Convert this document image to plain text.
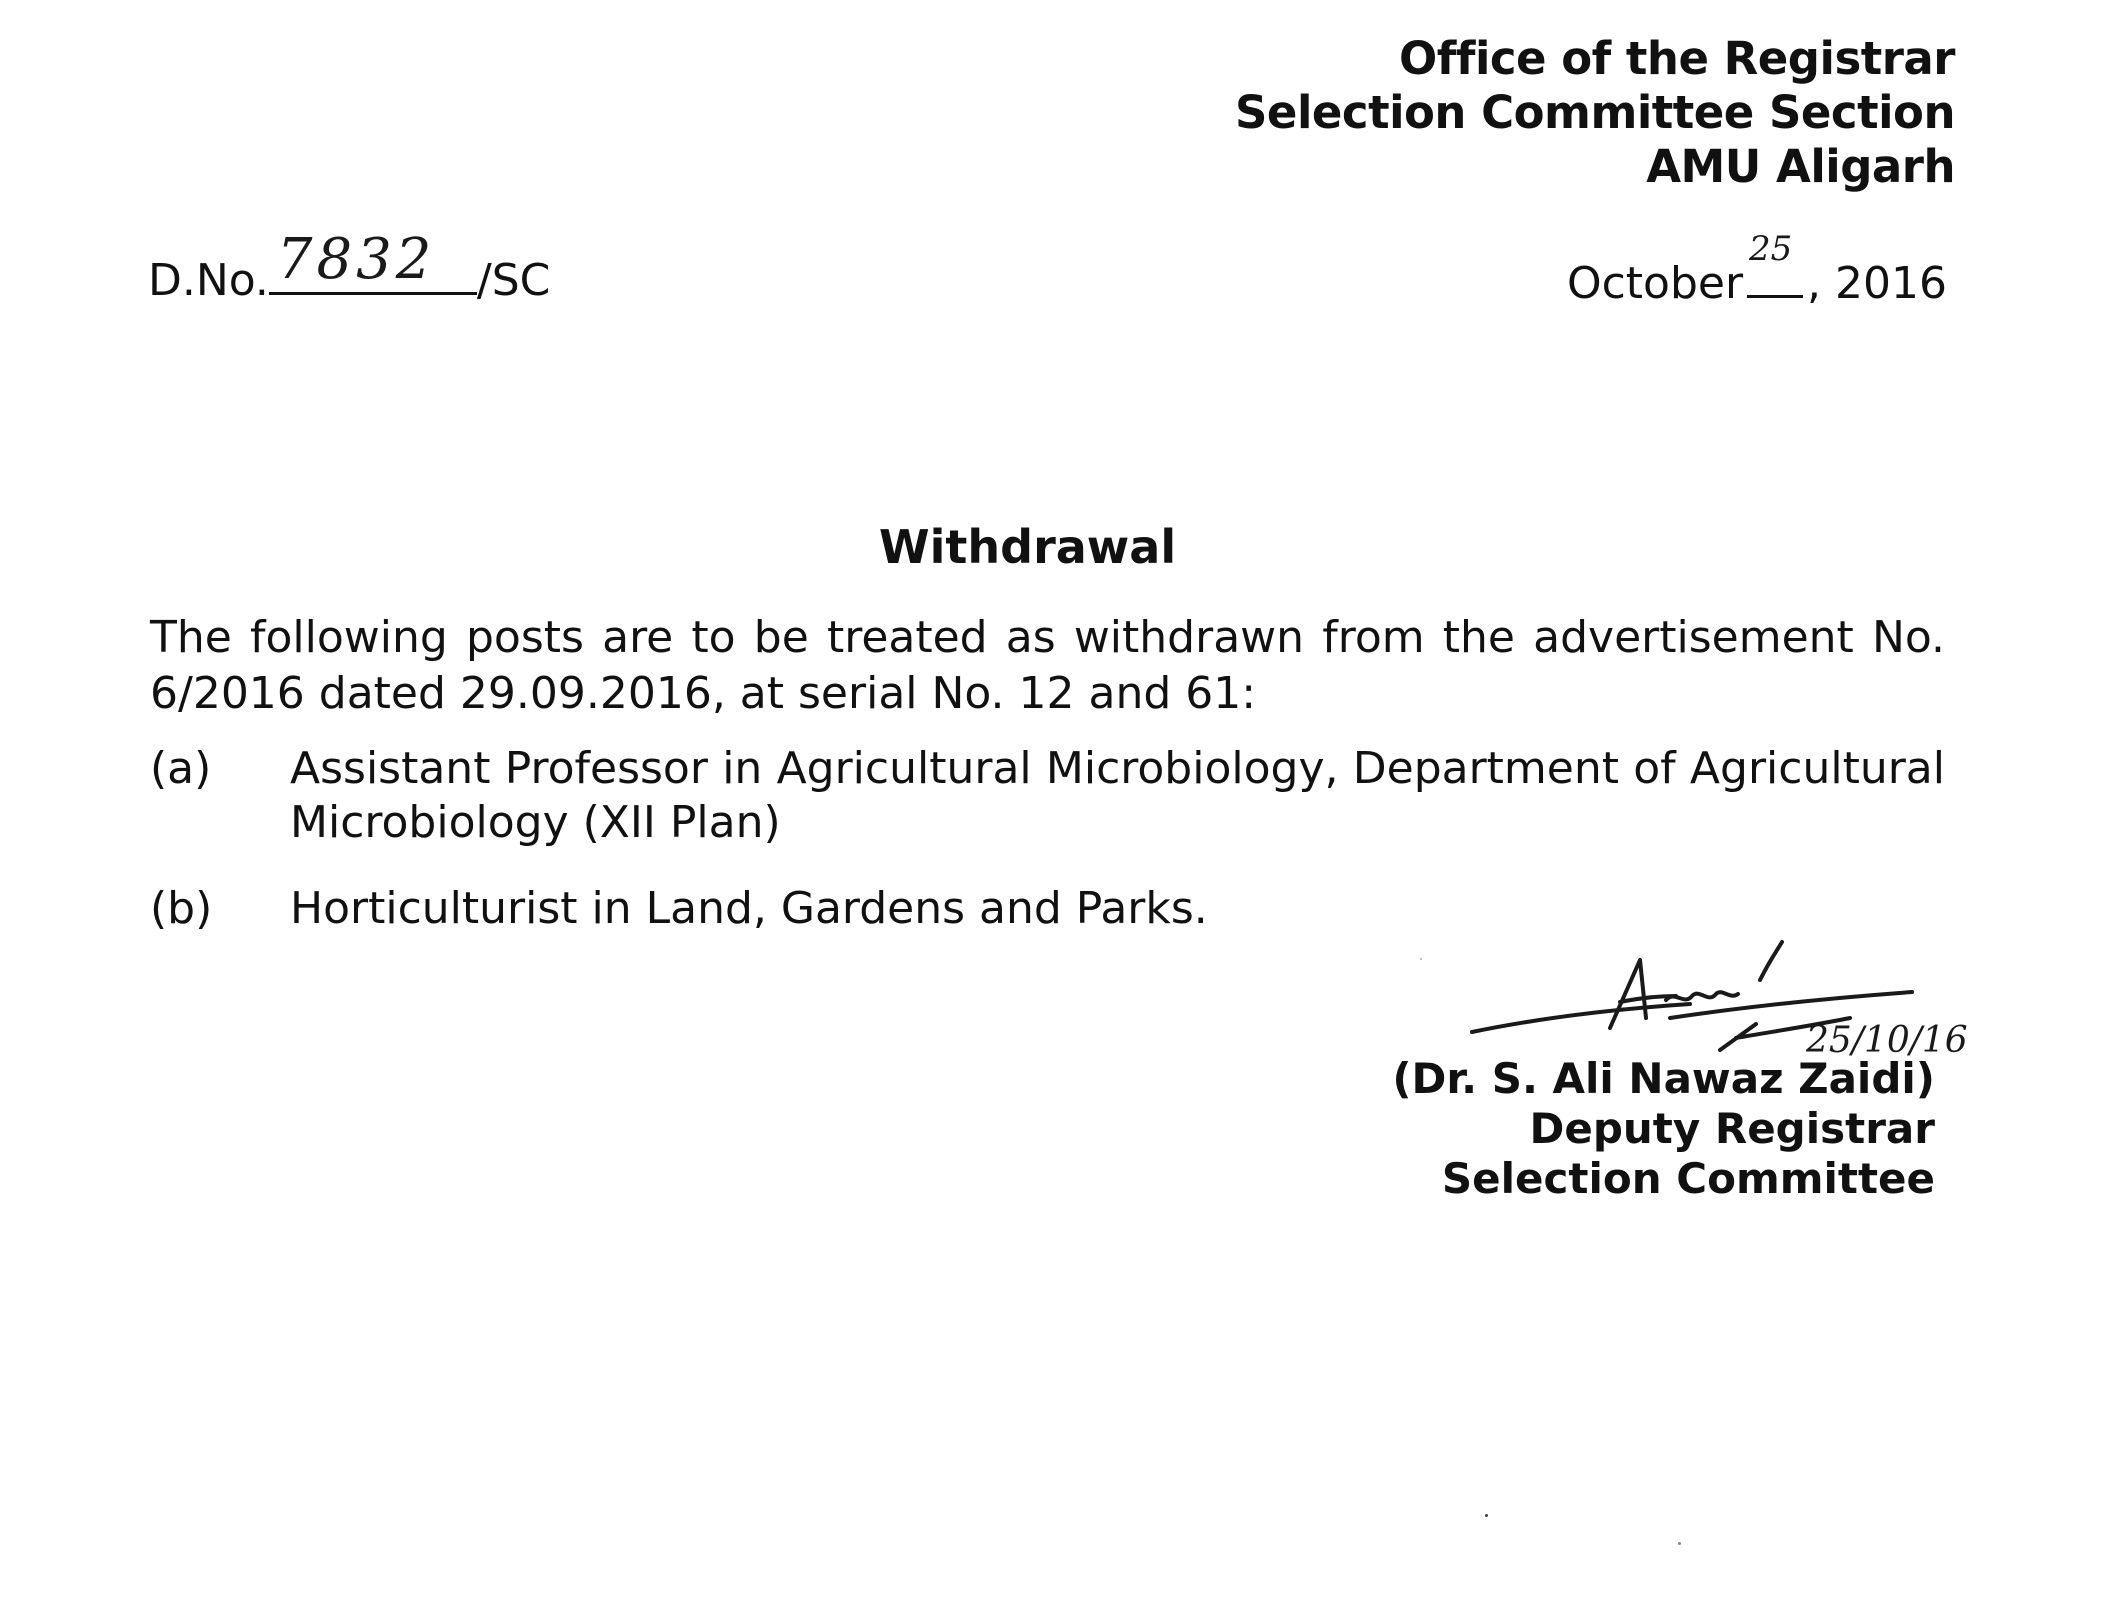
Office of the Registrar
Selection Committee Section
AMU Aligarh
D.No. 7832 /SC	October
25
, 2016
Withdrawal
The following posts are to be treated as withdrawn from the advertisement No. 6/2016 dated 29.09.2016, at serial No. 12 and 61:
(a)	Assistant Professor in Agricultural Microbiology, Department of Agricultural Microbiology (XII Plan)
(b)	Horticulturist in Land, Gardens and Parks.
25/10/16
(Dr. S. Ali Nawaz Zaidi)
Deputy Registrar
Selection Committee
